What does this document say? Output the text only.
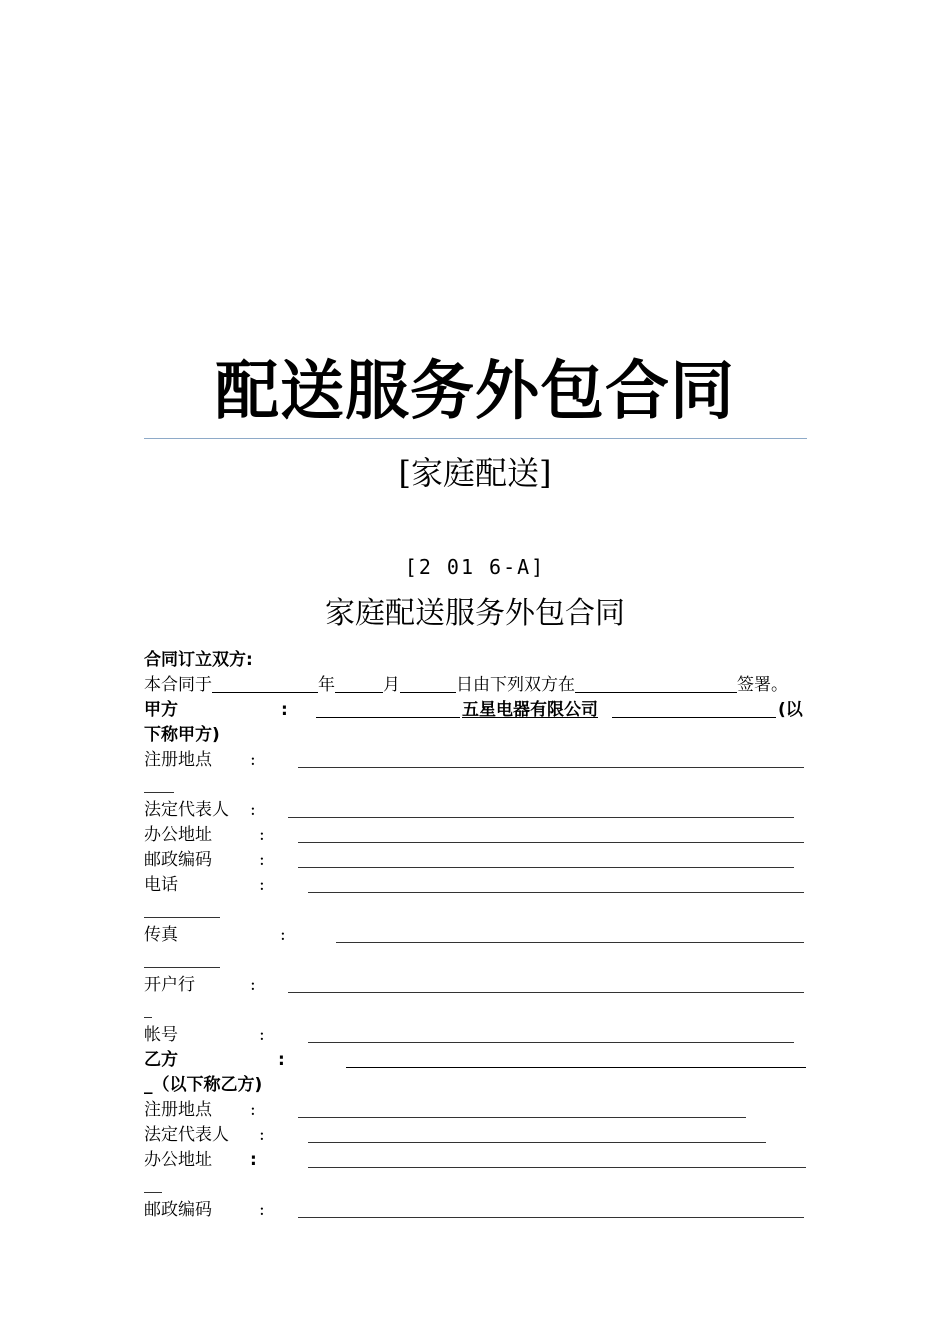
配送服务外包合同
[家庭配送]
[2 01 6-A]
家庭配送服务外包合同
合同订立双方:
本合同于	年	月	日由下列双方在	签署。
甲方	:	五星电器有限公司	(以
下称甲方)
注册地点 :
法定代表人 :
办公地址	:
邮政编码	:
电话	:
传真	:
开户行	:
帐号	:
乙方	:
_（以下称乙方)
注册地点 :
法定代表人 :
办公地址 :
邮政编码	:
